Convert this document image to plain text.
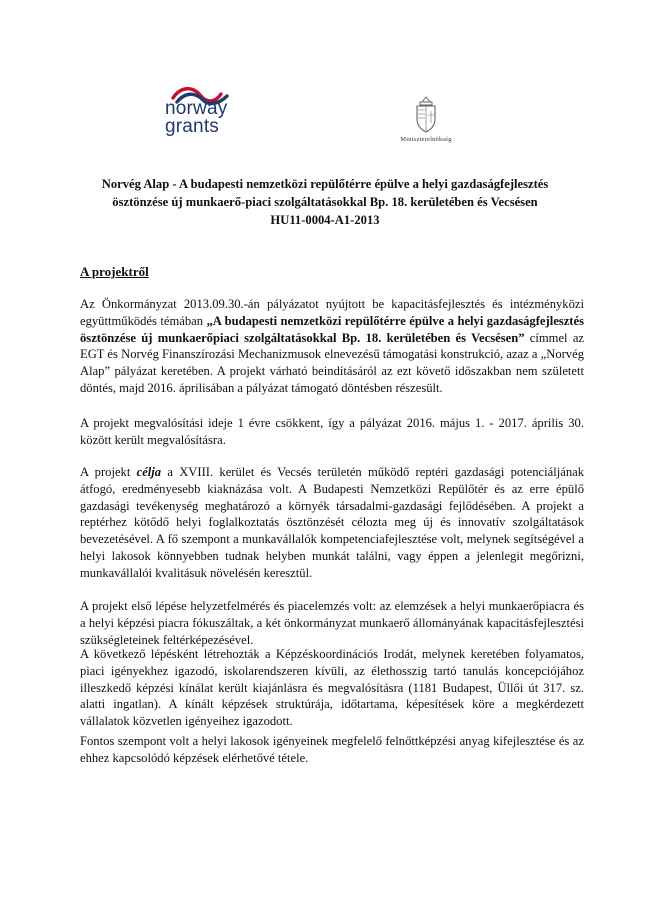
norway
grants
Miniszterelnökség
Norvég Alap - A budapesti nemzetközi repülőtérre épülve a helyi gazdaságfejlesztés
ösztönzése új munkaerő-piaci szolgáltatásokkal Bp. 18. kerületében és Vecsésen
HU11-0004-A1-2013
A projektről

Az Önkormányzat 2013.09.30.-án pályázatot nyújtott be kapacitásfejlesztés és intézményközi együttműködés témában „A budapesti nemzetközi repülőtérre épülve a helyi gazdaságfejlesztés ösztönzése új munkaerőpiaci szolgáltatásokkal Bp. 18. kerületében és Vecsésen” címmel az EGT és Norvég Finanszírozási Mechanizmusok elnevezésű támogatási konstrukció, azaz a „Norvég Alap” pályázat keretében. A projekt várható beindításáról az ezt követő időszakban nem született döntés, majd 2016. áprilisában a pályázat támogató döntésben részesült.

A projekt megvalósítási ideje 1 évre csökkent, így a pályázat 2016. május 1. - 2017. április 30. között került megvalósításra.

A projekt célja a XVIII. kerület és Vecsés területén működő reptéri gazdasági potenciáljának átfogó, eredményesebb kiaknázása volt. A Budapesti Nemzetközi Repülőtér és az erre épülő gazdasági tevékenység meghatározó a környék társadalmi-gazdasági fejlődésében. A projekt a reptérhez kötődő helyi foglalkoztatás ösztönzését célozta meg új és innovatív szolgáltatások bevezetésével. A fő szempont a munkavállalók kompetenciafejlesztése volt, melynek segítségével a helyi lakosok könnyebben tudnak helyben munkát találni, vagy éppen a jelenlegit megőrizni, munkavállalói kvalitásuk növelésén keresztül.

A projekt első lépése helyzetfelmérés és piacelemzés volt: az elemzések a helyi munkaerőpiacra és a helyi képzési piacra fókuszáltak, a két önkormányzat munkaerő állományának kapacitásfejlesztési szükségleteinek feltérképezésével.

A következő lépésként létrehozták a Képzéskoordinációs Irodát, melynek keretében folyamatos, piaci igényekhez igazodó, iskolarendszeren kívüli, az élethosszig tartó tanulás koncepciójához illeszkedő képzési kínálat került kiajánlásra és megvalósításra (1181 Budapest, Üllői út 317. sz. alatti ingatlan). A kínált képzések struktúrája, időtartama, képesítések köre a megkérdezett vállalatok közvetlen igényeihez igazodott.

Fontos szempont volt a helyi lakosok igényeinek megfelelő felnőttképzési anyag kifejlesztése és az ehhez kapcsolódó képzések elérhetővé tétele.
